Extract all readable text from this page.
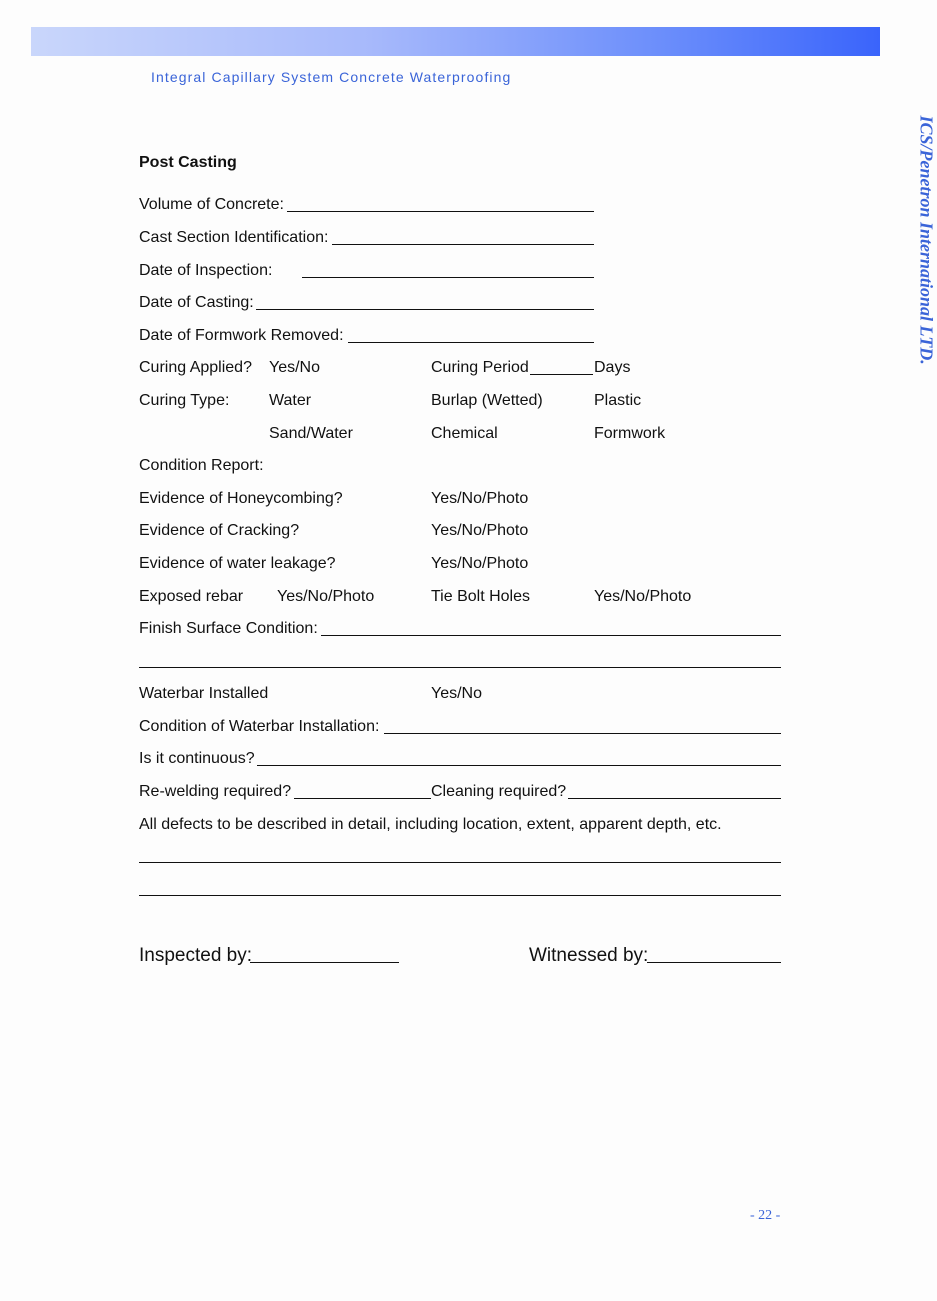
Integral Capillary System Concrete Waterproofing
ICS/Penetron International LTD.
Post Casting
Volume of Concrete:
Cast Section Identification:
Date of Inspection:
Date of Casting:
Date of Formwork Removed:
Curing Applied? Yes/No	Curing Period	Days
Curing Type: Water	Burlap (Wetted)	Plastic
Sand/Water	Chemical	Formwork
Condition Report:
Evidence of Honeycombing?	Yes/No/Photo
Evidence of Cracking?	Yes/No/Photo
Evidence of water leakage?	Yes/No/Photo
Exposed rebar Yes/No/Photo	Tie Bolt Holes	Yes/No/Photo
Finish Surface Condition:
Waterbar Installed	Yes/No
Condition of Waterbar Installation:
Is it continuous?
Re-welding required?	Cleaning required?
All defects to be described in detail, including location, extent, apparent depth, etc.
Inspected by:	Witnessed by:
- 22 -
